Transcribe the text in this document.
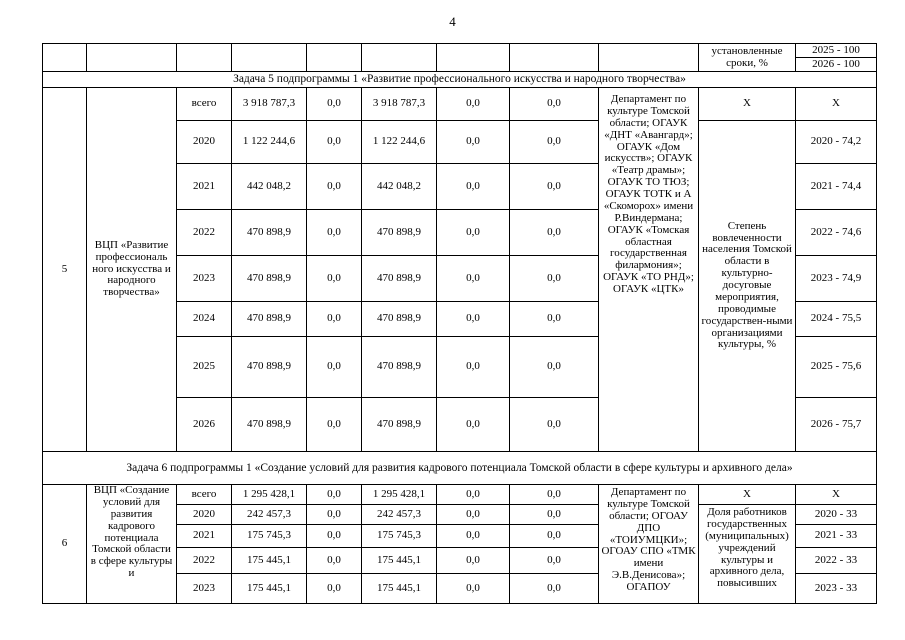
4
									установленные сроки, %	2025 - 100
										2026 - 100
Задача 5 подпрограммы 1 «Развитие профессионального искусства и народного творчества»										
5	ВЦП «Развитие профессиональ ного искусства и народного творчества»	всего	3 918 787,3	0,0	3 918 787,3	0,0	0,0	Департамент по культуре Томской области; ОГАУК «ДНТ «Авангард»; ОГАУК «Дом искусств»; ОГАУК «Театр драмы»; ОГАУК ТО ТЮЗ; ОГАУК ТОТК и А «Скоморох» имени Р.Виндермана; ОГАУК «Томская областная государственная филармония»; ОГАУК «ТО РНД»; ОГАУК «ЦТК»	X	X
		2020	1 122 244,6	0,0	1 122 244,6	0,0	0,0		Степень вовлеченности населения Томской области в культурно-досуговые мероприятия, проводимые государствен-ными организациями культуры, %	2020 - 74,2
		2021	442 048,2	0,0	442 048,2	0,0	0,0			2021 - 74,4
		2022	470 898,9	0,0	470 898,9	0,0	0,0			2022 - 74,6
		2023	470 898,9	0,0	470 898,9	0,0	0,0			2023 - 74,9
		2024	470 898,9	0,0	470 898,9	0,0	0,0			2024 - 75,5
		2025	470 898,9	0,0	470 898,9	0,0	0,0			2025 - 75,6
		2026	470 898,9	0,0	470 898,9	0,0	0,0			2026 - 75,7
Задача 6 подпрограммы 1 «Создание условий для развития кадрового потенциала Томской области в сфере культуры и архивного дела»										
6	ВЦП «Создание условий для развития кадрового потенциала Томской области в сфере культуры и	всего	1 295 428,1	0,0	1 295 428,1	0,0	0,0	Департамент по культуре Томской области; ОГОАУ ДПО «ТОИУМЦКИ»; ОГОАУ СПО «ТМК имени Э.В.Денисова»; ОГАПОУ	X	X
		2020	242 457,3	0,0	242 457,3	0,0	0,0		Доля работников государственных (муниципальных) учреждений культуры и архивного дела, повысивших	2020 - 33
		2021	175 745,3	0,0	175 745,3	0,0	0,0			2021 - 33
		2022	175 445,1	0,0	175 445,1	0,0	0,0			2022 - 33
		2023	175 445,1	0,0	175 445,1	0,0	0,0			2023 - 33
